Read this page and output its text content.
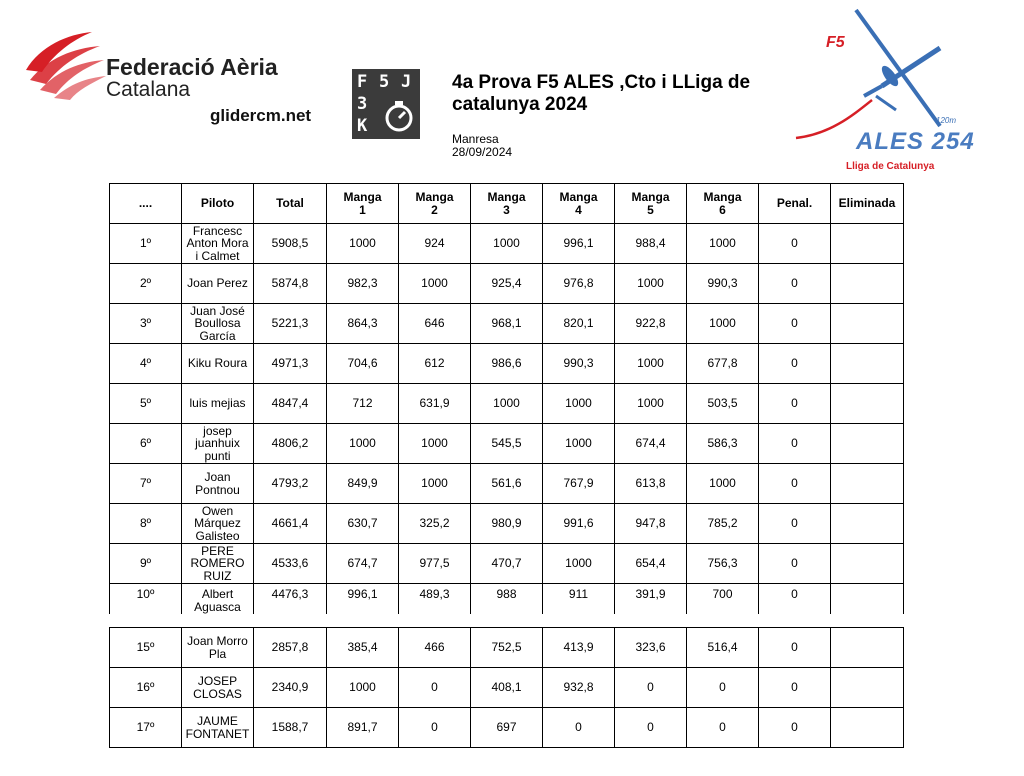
Federació Aèria
Catalana
glidercm.net
F 5 J
3
K
4a Prova F5 ALES ,Cto i LLiga de catalunya 2024
Manresa
28/09/2024
F5
120m
ALES 254
Lliga de Catalunya
....	Piloto	Total	Manga 1	Manga 2	Manga 3	Manga 4	Manga 5	Manga 6	Penal.	Eliminada
1º	Francesc Anton Mora i Calmet	5908,5	1000	924	1000	996,1	988,4	1000	0	
2º	Joan Perez	5874,8	982,3	1000	925,4	976,8	1000	990,3	0	
3º	Juan José Boullosa García	5221,3	864,3	646	968,1	820,1	922,8	1000	0	
4º	Kiku Roura	4971,3	704,6	612	986,6	990,3	1000	677,8	0	
5º	luis mejias	4847,4	712	631,9	1000	1000	1000	503,5	0	
6º	josep juanhuix punti	4806,2	1000	1000	545,5	1000	674,4	586,3	0	
7º	Joan Pontnou	4793,2	849,9	1000	561,6	767,9	613,8	1000	0	
8º	Owen Márquez Galisteo	4661,4	630,7	325,2	980,9	991,6	947,8	785,2	0	
9º	PERE ROMERO RUIZ	4533,6	674,7	977,5	470,7	1000	654,4	756,3	0	

10º	Albert Aguasca	4476,3	996,1	489,3	988	911	391,9	700	0	

15º	Joan Morro Pla	2857,8	385,4	466	752,5	413,9	323,6	516,4	0	
16º	JOSEP CLOSAS	2340,9	1000	0	408,1	932,8	0	0	0	
17º	JAUME FONTANET	1588,7	891,7	0	697	0	0	0	0	
